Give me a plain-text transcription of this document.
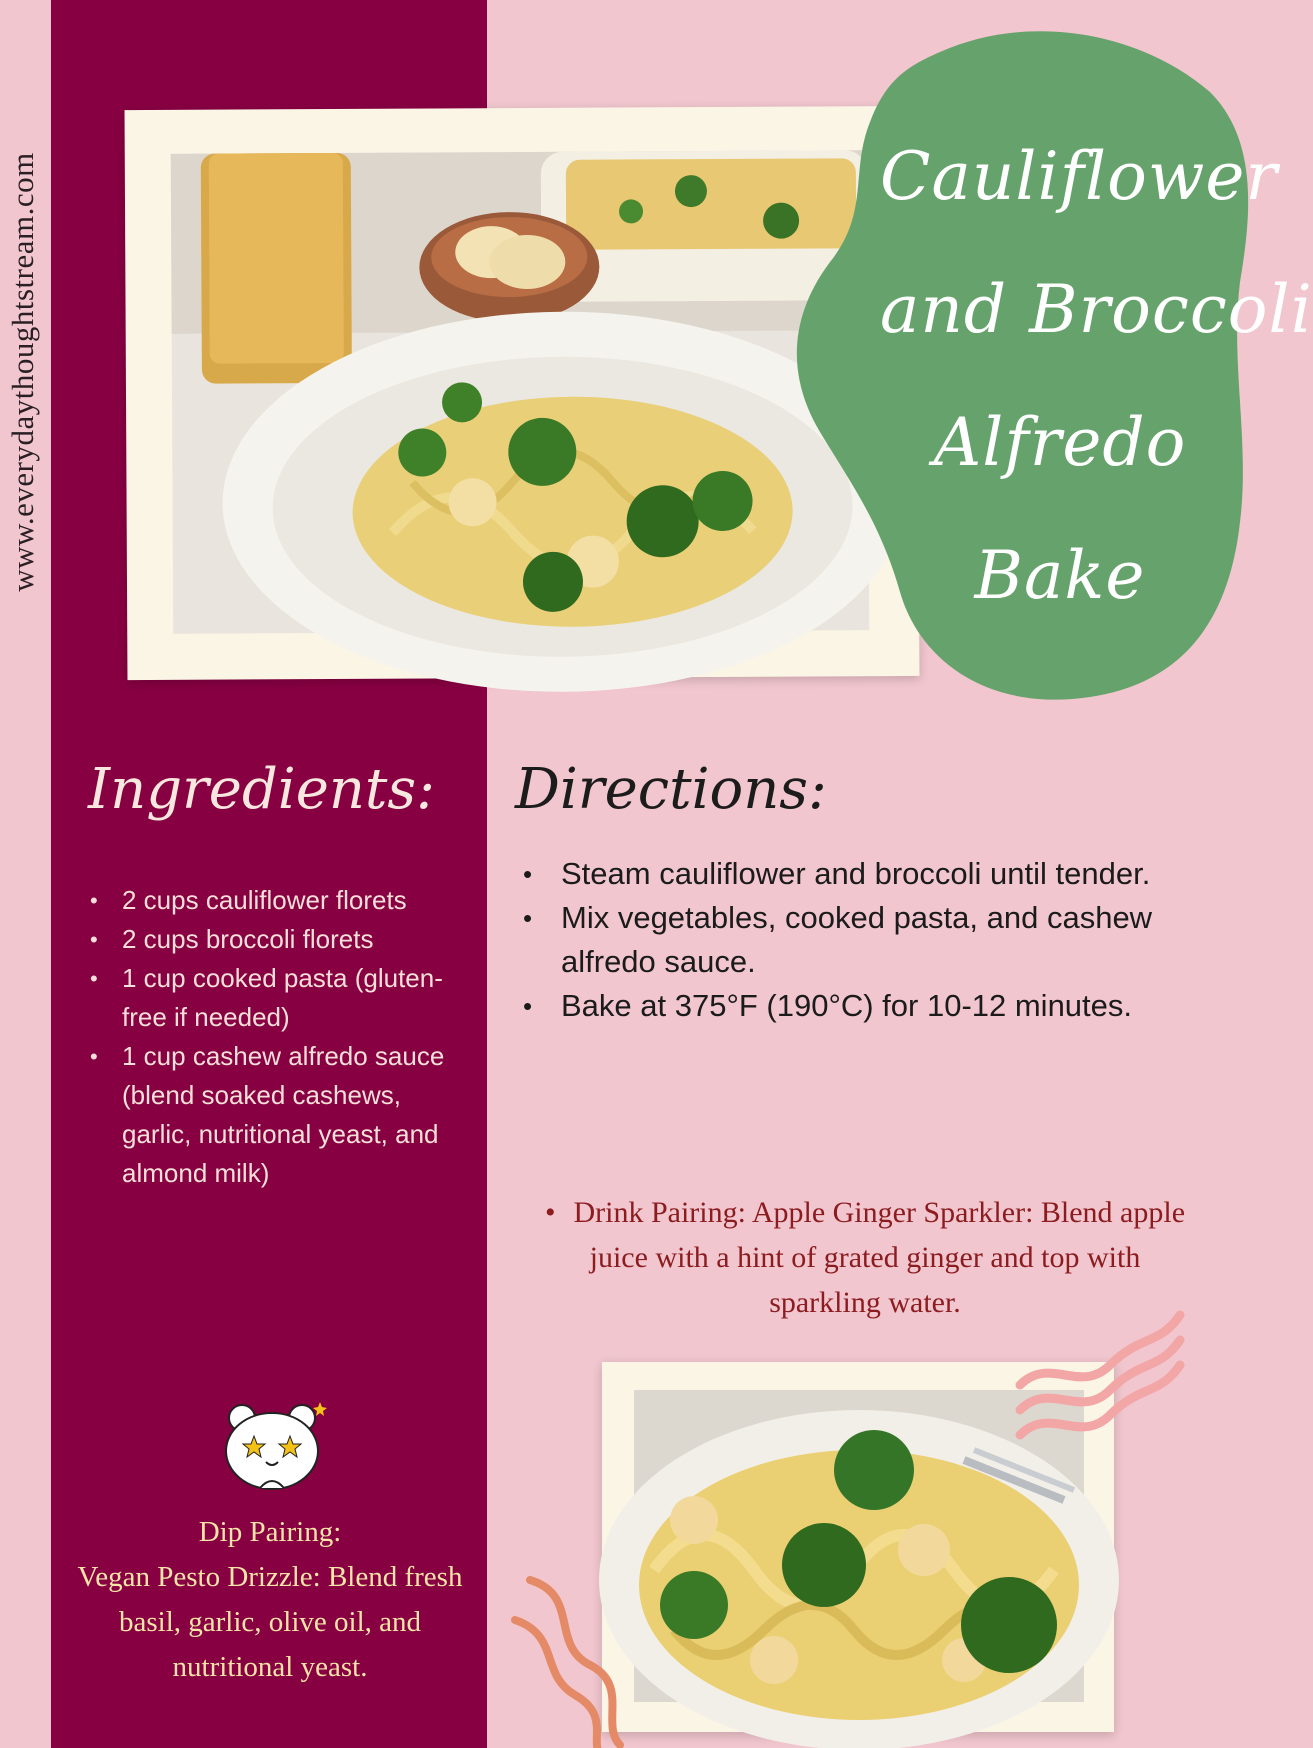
www.everydaythoughtstream.com	Cauliflower
and Broccoli
Alfredo
Bake
Ingredients:
• 2 cups cauliflower florets
• 2 cups broccoli florets
• 1 cup cooked pasta (gluten-free if needed)
• 1 cup cashew alfredo sauce (blend soaked cashews, garlic, nutritional yeast, and almond milk)
Directions:
• Steam cauliflower and broccoli until tender.
• Mix vegetables, cooked pasta, and cashew alfredo sauce.
• Bake at 375°F (190°C) for 10-12 minutes.
• Drink Pairing: Apple Ginger Sparkler: Blend apple juice with a hint of grated ginger and top with sparkling water.
Dip Pairing:
Vegan Pesto Drizzle: Blend fresh basil, garlic, olive oil, and nutritional yeast.
